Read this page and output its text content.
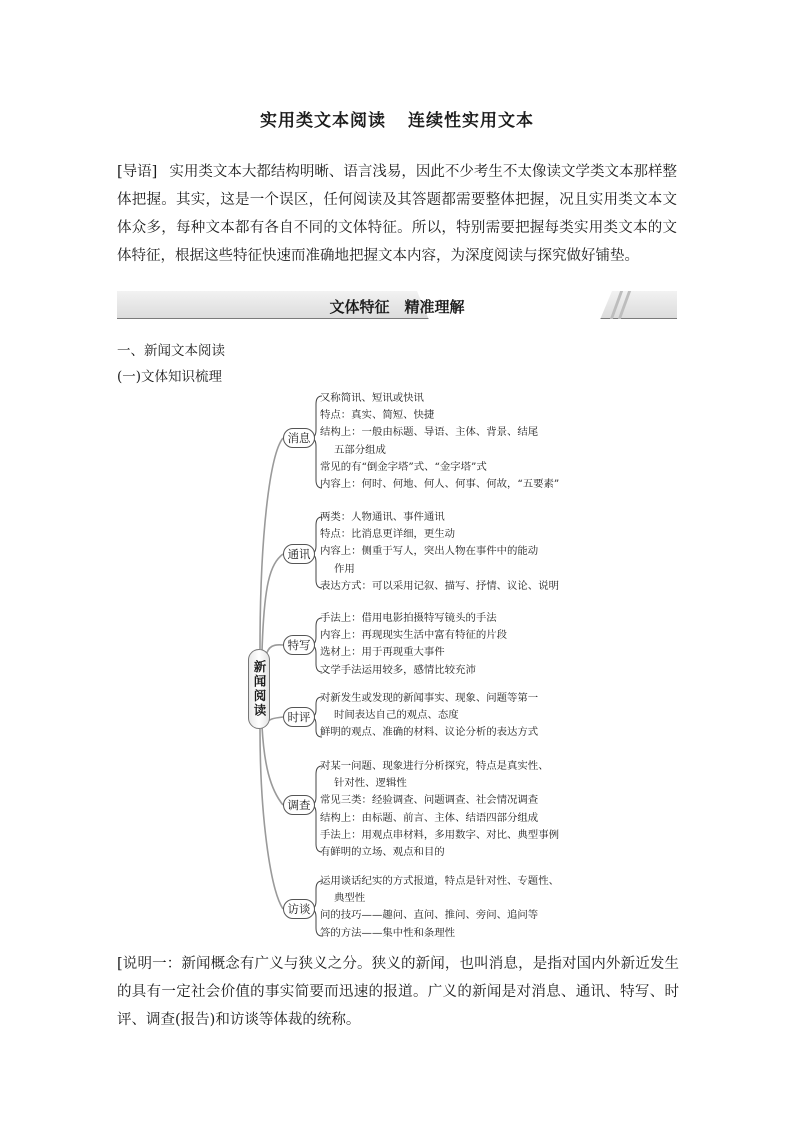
实用类文本阅读 连续性实用文本
[导语] 实用类文本大都结构明晰、语言浅易，因此不少考生不太像读文学类文本那样整体把握。其实，这是一个误区，任何阅读及其答题都需要整体把握，况且实用类文本文体众多，每种文本都有各自不同的文体特征。所以，特别需要把握每类实用类文本的文体特征，根据这些特征快速而准确地把握文本内容，为深度阅读与探究做好铺垫。
文体特征　精准理解
一、新闻文本阅读
(一)文体知识梳理
新闻阅读
消息
又称简讯、短讯或快讯
特点：真实、简短、快捷
结构上：一般由标题、导语、主体、背景、结尾
五部分组成
常见的有“倒金字塔”式、“金字塔”式
内容上：何时、何地、何人、何事、何故，“五要素”
通讯
两类：人物通讯、事件通讯
特点：比消息更详细，更生动
内容上：侧重于写人，突出人物在事件中的能动
作用
表达方式：可以采用记叙、描写、抒情、议论、说明
特写
手法上：借用电影拍摄特写镜头的手法
内容上：再现现实生活中富有特征的片段
选材上：用于再现重大事件
文学手法运用较多，感情比较充沛
时评
对新发生或发现的新闻事实、现象、问题等第一
时间表达自己的观点、态度
鲜明的观点、准确的材料、议论分析的表达方式
调查
对某一问题、现象进行分析探究，特点是真实性、
针对性、逻辑性
常见三类：经验调查、问题调查、社会情况调查
结构上：由标题、前言、主体、结语四部分组成
手法上：用观点串材料，多用数字、对比、典型事例
有鲜明的立场、观点和目的
访谈
运用谈话纪实的方式报道，特点是针对性、专题性、
典型性
问的技巧——趣问、直问、推问、旁问、追问等
答的方法——集中性和条理性
[说明一：新闻概念有广义与狭义之分。狭义的新闻，也叫消息，是指对国内外新近发生的具有一定社会价值的事实简要而迅速的报道。广义的新闻是对消息、通讯、特写、时评、调查(报告)和访谈等体裁的统称。
